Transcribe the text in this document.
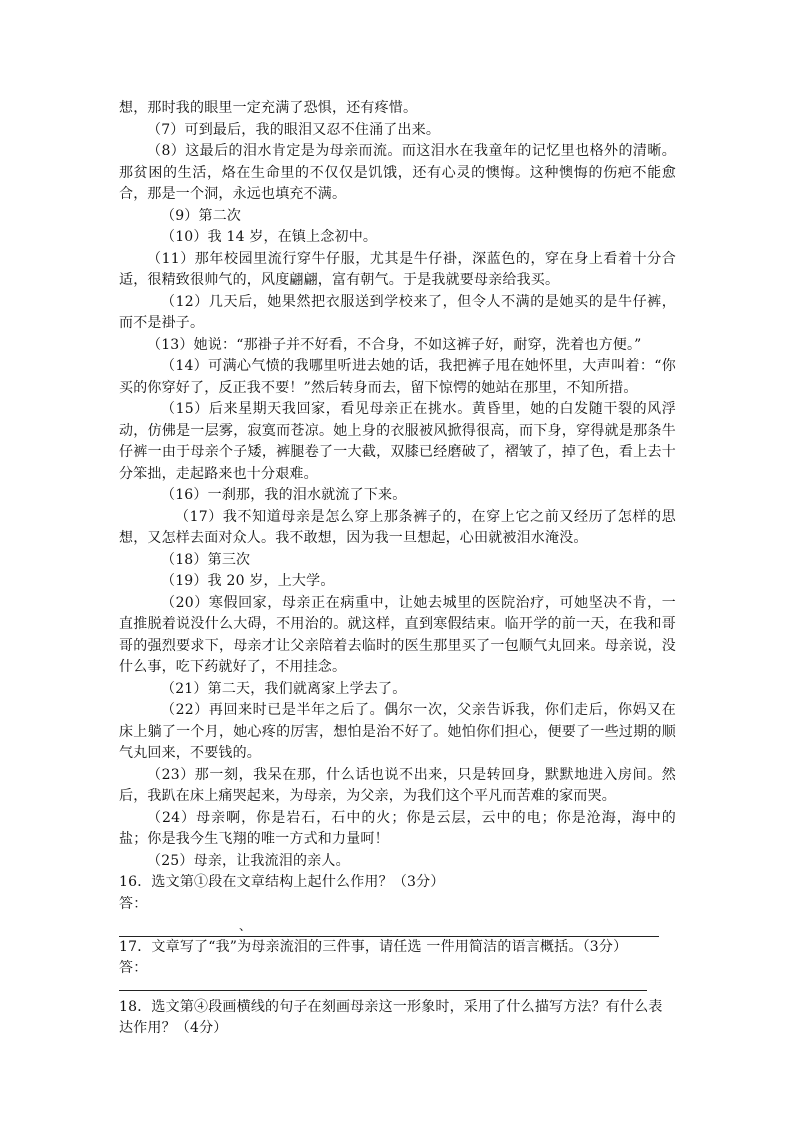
想，那时我的眼里一定充满了恐惧，还有疼惜。

（7）可到最后，我的眼泪又忍不住涌了出来。

（8）这最后的泪水肯定是为母亲而流。而这泪水在我童年的记忆里也格外的清晰。那贫困的生活，烙在生命里的不仅仅是饥饿，还有心灵的懊悔。这种懊悔的伤疤不能愈合，那是一个洞，永远也填充不满。

（9）第二次

（10）我 14 岁，在镇上念初中。

（11）那年校园里流行穿牛仔服，尤其是牛仔褂，深蓝色的，穿在身上看着十分合适，很精致很帅气的，风度翩翩，富有朝气。于是我就要母亲给我买。

（12）几天后，她果然把衣服送到学校来了，但令人不满的是她买的是牛仔裤，而不是褂子。

（13）她说：“那褂子并不好看，不合身，不如这裤子好，耐穿，洗着也方便。”

（14）可满心气愤的我哪里听进去她的话，我把裤子甩在她怀里，大声叫着：“你买的你穿好了，反正我不要！”然后转身而去，留下惊愕的她站在那里，不知所措。

（15）后来星期天我回家，看见母亲正在挑水。黄昏里，她的白发随干裂的风浮动，仿佛是一层雾，寂寞而苍凉。她上身的衣服被风掀得很高，而下身，穿得就是那条牛仔裤一由于母亲个子矮，裤腿卷了一大截，双膝已经磨破了，褶皱了，掉了色，看上去十分笨拙，走起路来也十分艰难。

（16）一刹那，我的泪水就流了下来。

（17）我不知道母亲是怎么穿上那条裤子的，在穿上它之前又经历了怎样的思想，又怎样去面对众人。我不敢想，因为我一旦想起，心田就被泪水淹没。

（18）第三次

（19）我 20 岁，上大学。

（20）寒假回家，母亲正在病重中，让她去城里的医院治疗，可她坚决不肯，一直推脱着说没什么大碍，不用治的。就这样，直到寒假结束。临开学的前一天，在我和哥哥的强烈要求下，母亲才让父亲陪着去临时的医生那里买了一包顺气丸回来。母亲说，没什么事，吃下药就好了，不用挂念。

（21）第二天，我们就离家上学去了。

（22）再回来时已是半年之后了。偶尔一次，父亲告诉我，你们走后，你妈又在床上躺了一个月，她心疼的厉害，想怕是治不好了。她怕你们担心，便要了一些过期的顺气丸回来，不要钱的。

（23）那一刻，我呆在那，什么话也说不出来，只是转回身，默默地进入房间。然后，我趴在床上痛哭起来，为母亲，为父亲，为我们这个平凡而苦难的家而哭。

（24）母亲啊，你是岩石，石中的火；你是云层，云中的电；你是沧海，海中的盐；你是我今生飞翔的唯一方式和力量呵！

（25）母亲，让我流泪的亲人。

16．选文第①段在文章结构上起什么作用？（3分）

答：
、

17．文章写了“我”为母亲流泪的三件事，请任选 一件用简洁的语言概括。（3分）

答：

18．选文第④段画横线的句子在刻画母亲这一形象时，采用了什么描写方法？有什么表达作用？（4分）
